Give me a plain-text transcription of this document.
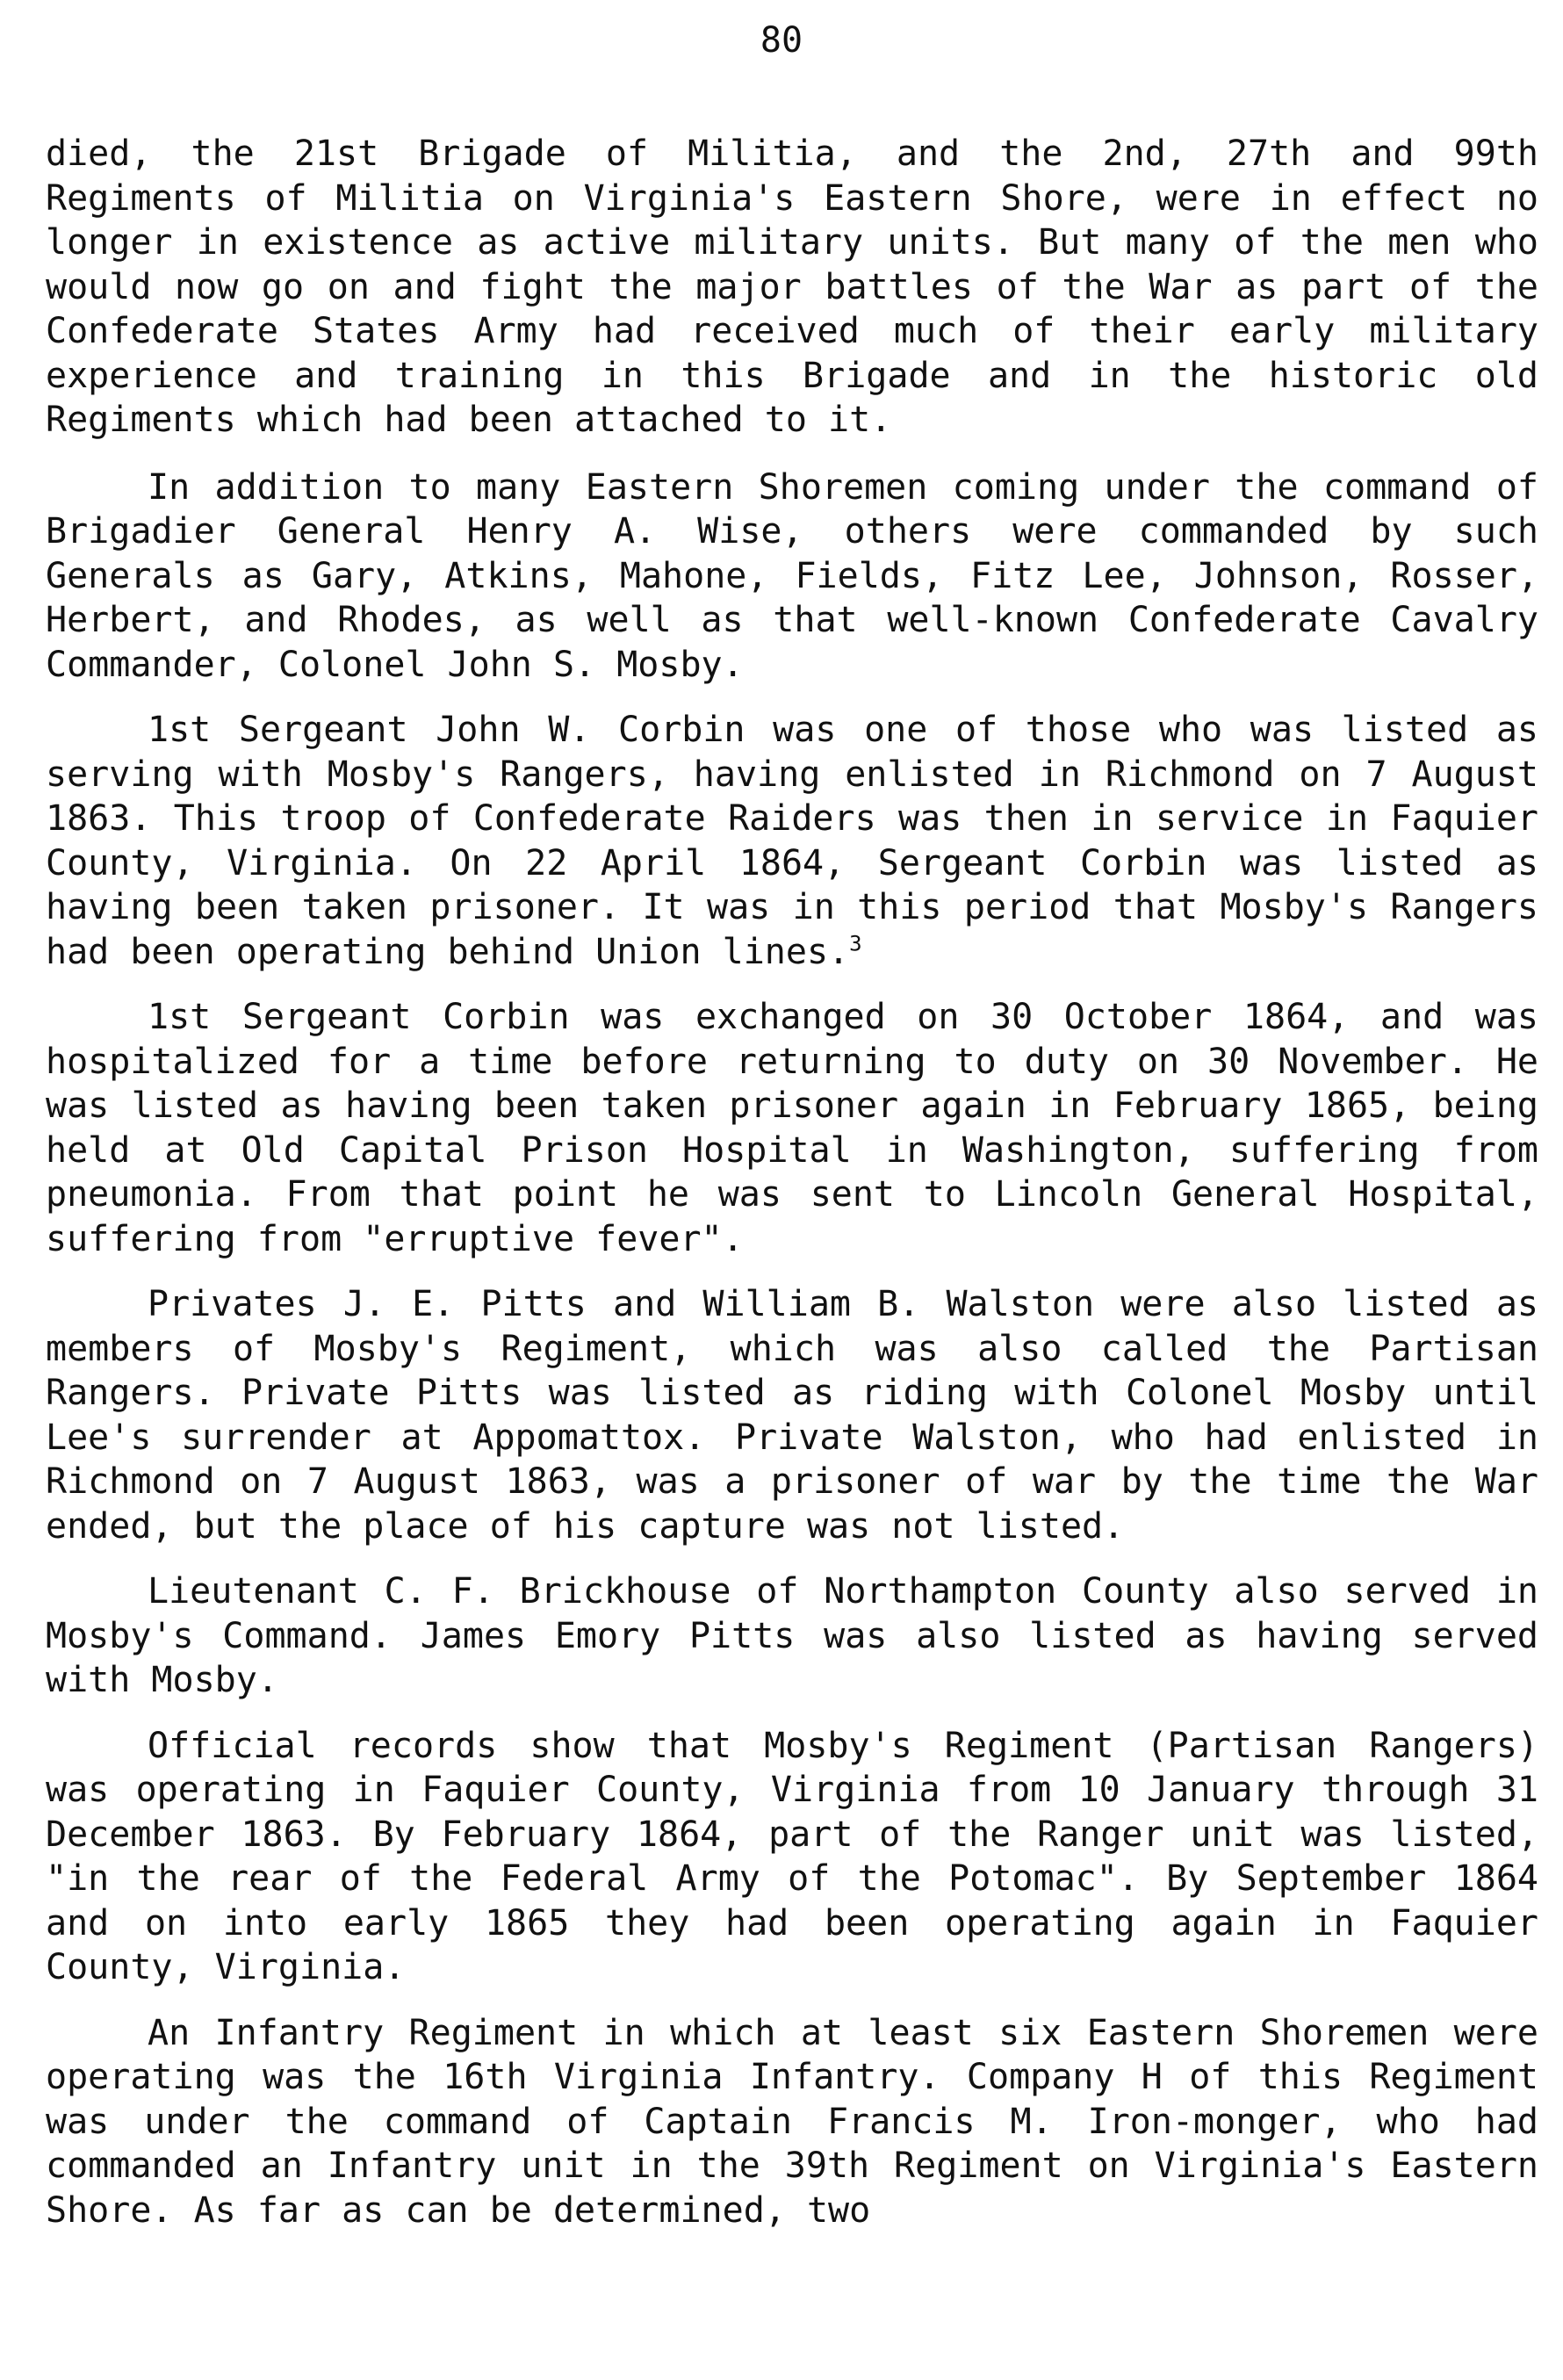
80

died, the 21st Brigade of Militia, and the 2nd, 27th and 99th Regiments of Militia on Virginia's Eastern Shore, were in effect no longer in existence as active military units. But many of the men who would now go on and fight the major battles of the War as part of the Confederate States Army had received much of their early military experience and training in this Brigade and in the historic old Regiments which had been attached to it.

In addition to many Eastern Shoremen coming under the command of Brigadier General Henry A. Wise, others were commanded by such Generals as Gary, Atkins, Mahone, Fields, Fitz Lee, Johnson, Rosser, Herbert, and Rhodes, as well as that well-known Confederate Cavalry Commander, Colonel John S. Mosby.

1st Sergeant John W. Corbin was one of those who was listed as serving with Mosby's Rangers, having enlisted in Richmond on 7 August 1863. This troop of Confederate Raiders was then in service in Faquier County, Virginia. On 22 April 1864, Sergeant Corbin was listed as having been taken prisoner. It was in this period that Mosby's Rangers had been operating behind Union lines.$^3$

1st Sergeant Corbin was exchanged on 30 October 1864, and was hospitalized for a time before returning to duty on 30 November. He was listed as having been taken prisoner again in February 1865, being held at Old Capital Prison Hospital in Washington, suffering from pneumonia. From that point he was sent to Lincoln General Hospital, suffering from "erruptive fever".

Privates J. E. Pitts and William B. Walston were also listed as members of Mosby's Regiment, which was also called the Partisan Rangers. Private Pitts was listed as riding with Colonel Mosby until Lee's surrender at Appomattox. Private Walston, who had enlisted in Richmond on 7 August 1863, was a prisoner of war by the time the War ended, but the place of his capture was not listed.

Lieutenant C. F. Brickhouse of Northampton County also served in Mosby's Command. James Emory Pitts was also listed as having served with Mosby.

Official records show that Mosby's Regiment (Partisan Rangers) was operating in Faquier County, Virginia from 10 January through 31 December 1863. By February 1864, part of the Ranger unit was listed, "in the rear of the Federal Army of the Potomac". By September 1864 and on into early 1865 they had been operating again in Faquier County, Virginia.

An Infantry Regiment in which at least six Eastern Shoremen were operating was the 16th Virginia Infantry. Company H of this Regiment was under the command of Captain Francis M. Iron-monger, who had commanded an Infantry unit in the 39th Regiment on Virginia's Eastern Shore. As far as can be determined, two
